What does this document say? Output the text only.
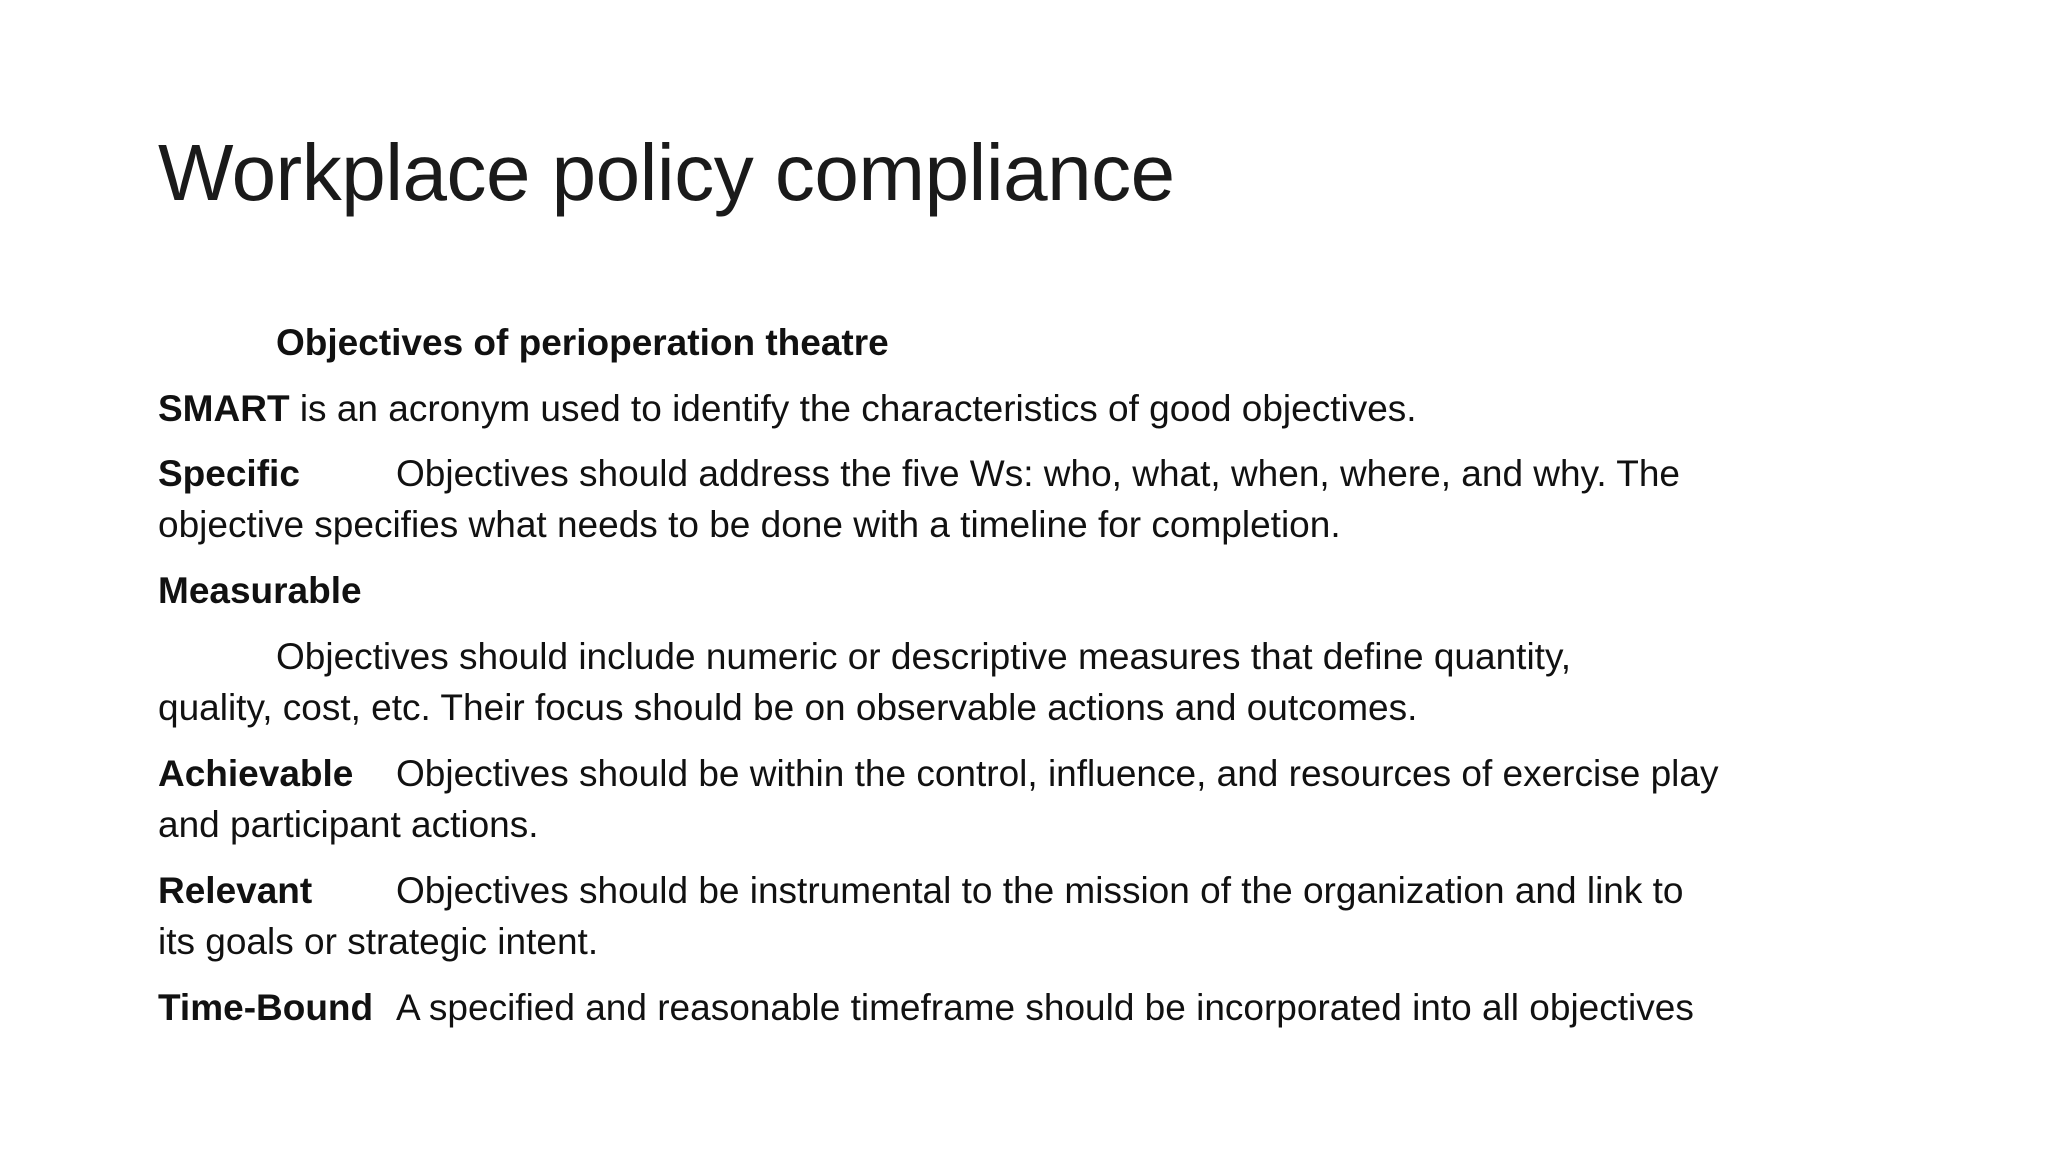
Workplace policy compliance
Objectives of perioperation theatre
SMART is an acronym used to identify the characteristics of good objectives.
Specific	Objectives should address the five Ws: who, what, when, where, and why. The
objective specifies what needs to be done with a timeline for completion.
Measurable
Objectives should include numeric or descriptive measures that define quantity,
quality, cost, etc. Their focus should be on observable actions and outcomes.
Achievable Objectives should be within the control, influence, and resources of exercise play
and participant actions.
Relevant Objectives should be instrumental to the mission of the organization and link to
its goals or strategic intent.
Time-Bound A specified and reasonable timeframe should be incorporated into all objectives
